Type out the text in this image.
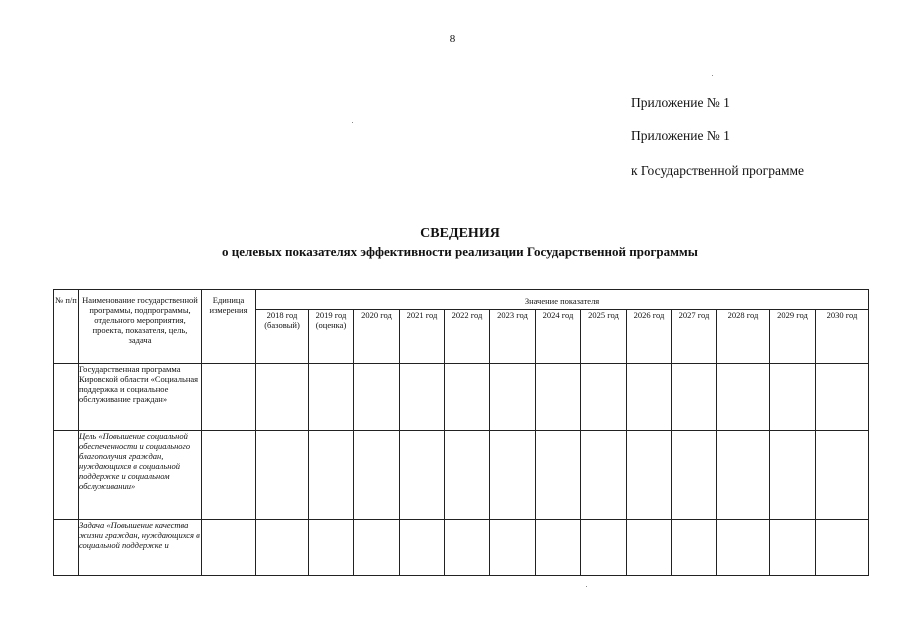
8
Приложение № 1
Приложение № 1
к Государственной программе
СВЕДЕНИЯ
о целевых показателях эффективности реализации Государственной программы
№ п/п	Наименование государственной программы, подпрограммы, отдельного мероприятия, проекта, показателя, цель, задача	Единица измерения	Значение показателя												
			2018 год (базовый)	2019 год (оценка)	2020 год	2021 год	2022 год	2023 год	2024 год	2025 год	2026 год	2027 год	2028 год	2029 год	2030 год
	Государственная программа Кировской области «Социальная поддержка и социальное обслуживание граждан»														
	Цель «Повышение социальной обеспеченности и социального благополучия граждан, нуждающихся в социальной поддержке и социальном обслуживании»														
	Задача «Повышение качества жизни граждан, нуждающихся в социальной поддержке и														
